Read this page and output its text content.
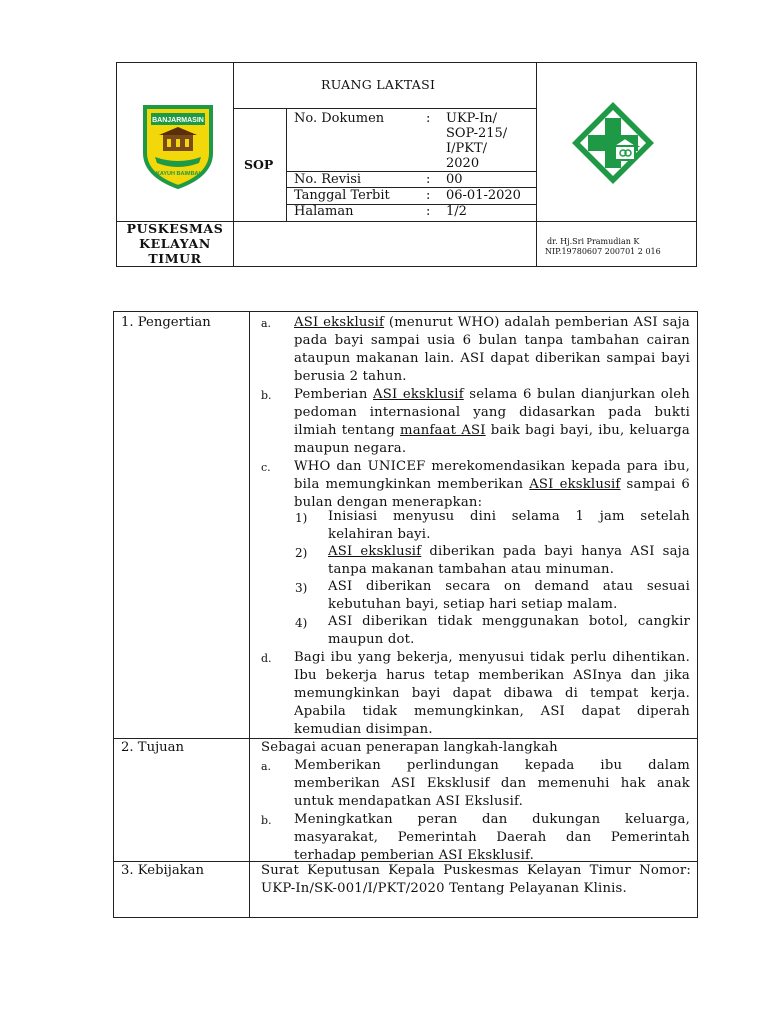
BANJARMASIN
KAYUH BAIMBAI
RUANG LAKTASI
SOP
No. Dokumen	: UKP-In/
SOP-215/
I/PKT/
2020
No. Revisi	: 00
Tanggal Terbit	: 06-01-2020
Halaman	: 1/2
PUSKESMAS
KELAYAN
TIMUR
dr. Hj.Sri Pramudian K
NIP.19780607 200701 2 016
1. Pengertian	a. ASI eksklusif (menurut WHO) adalah pemberian ASI saja pada bayi sampai usia 6 bulan tanpa tambahan cairan ataupun makanan lain. ASI dapat diberikan sampai bayi berusia 2 tahun.
b. Pemberian ASI eksklusif selama 6 bulan dianjurkan oleh pedoman internasional yang didasarkan pada bukti ilmiah tentang manfaat ASI baik bagi bayi, ibu, keluarga maupun negara.
c. WHO dan UNICEF merekomendasikan kepada para ibu, bila memungkinkan memberikan ASI eksklusif sampai 6 bulan dengan menerapkan:
1) Inisiasi menyusu dini selama 1 jam setelah kelahiran bayi.
2) ASI eksklusif diberikan pada bayi hanya ASI saja tanpa makanan tambahan atau minuman.
3) ASI diberikan secara on demand atau sesuai kebutuhan bayi, setiap hari setiap malam.
4) ASI diberikan tidak menggunakan botol, cangkir maupun dot.
d. Bagi ibu yang bekerja, menyusui tidak perlu dihentikan. Ibu bekerja harus tetap memberikan ASInya dan jika memungkinkan bayi dapat dibawa di tempat kerja. Apabila tidak memungkinkan, ASI dapat diperah kemudian disimpan.
2. Tujuan	Sebagai acuan penerapan langkah-langkah
a. Memberikan perlindungan kepada ibu dalam memberikan ASI Eksklusif dan memenuhi hak anak untuk mendapatkan ASI Ekslusif.
b. Meningkatkan peran dan dukungan keluarga, masyarakat, Pemerintah Daerah dan Pemerintah terhadap pemberian ASI Eksklusif.
3. Kebijakan	Surat Keputusan Kepala Puskesmas Kelayan Timur Nomor: UKP-In/SK-001/I/PKT/2020 Tentang Pelayanan Klinis.
